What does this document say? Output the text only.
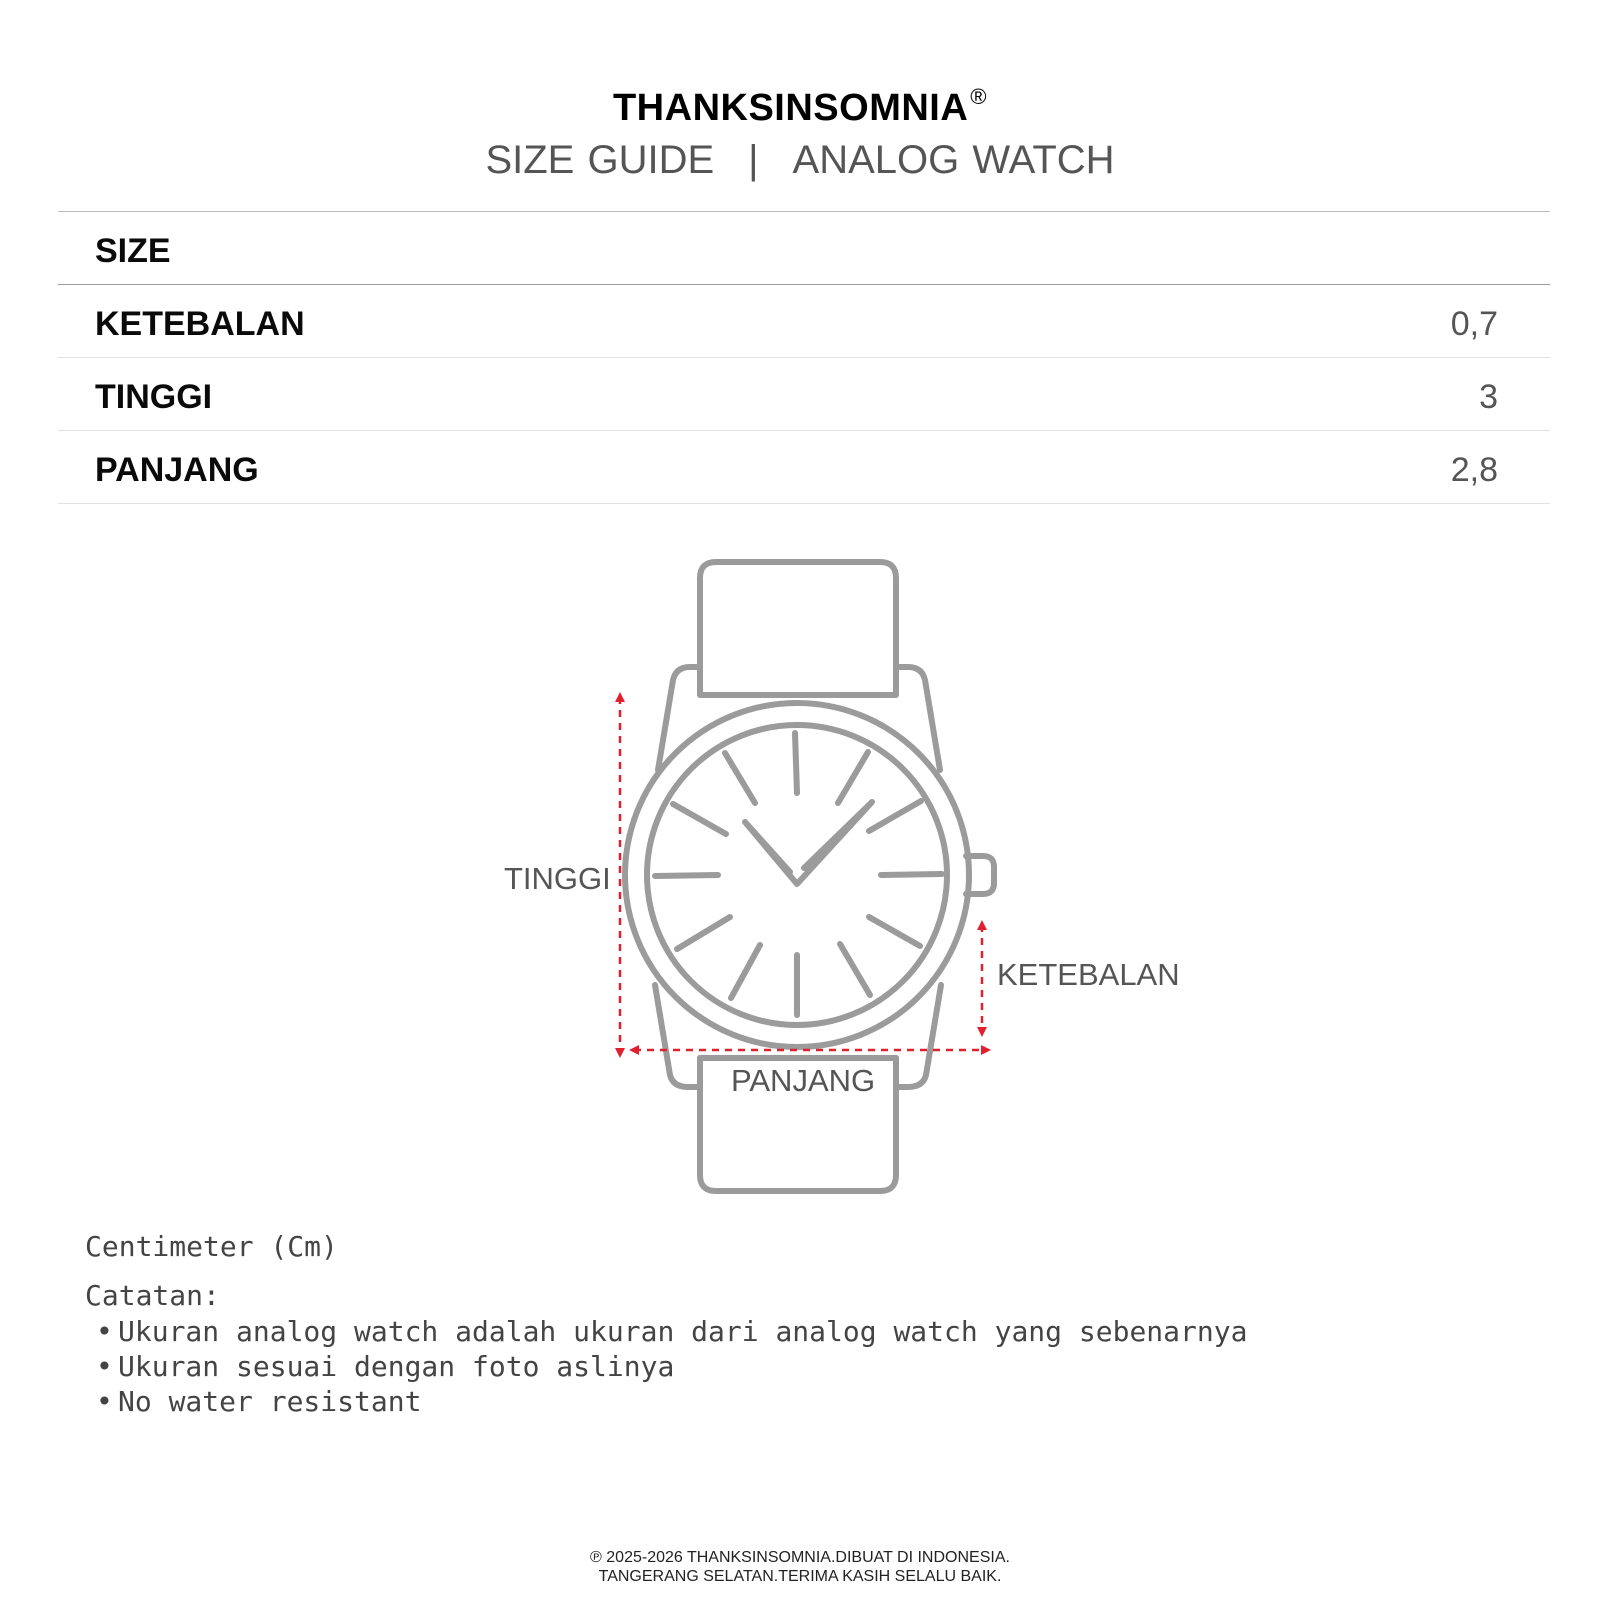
THANKSINSOMNIA®
SIZE GUIDE | ANALOG WATCH
SIZE
KETEBALAN	0,7
TINGGI	3
PANJANG	2,8
TINGGI
KETEBALAN
PANJANG
Centimeter (Cm)
Catatan:
• Ukuran analog watch adalah ukuran dari analog watch yang sebenarnya
• Ukuran sesuai dengan foto aslinya
• No water resistant
℗ 2025-2026 THANKSINSOMNIA.DIBUAT DI INDONESIA.
TANGERANG SELATAN.TERIMA KASIH SELALU BAIK.
